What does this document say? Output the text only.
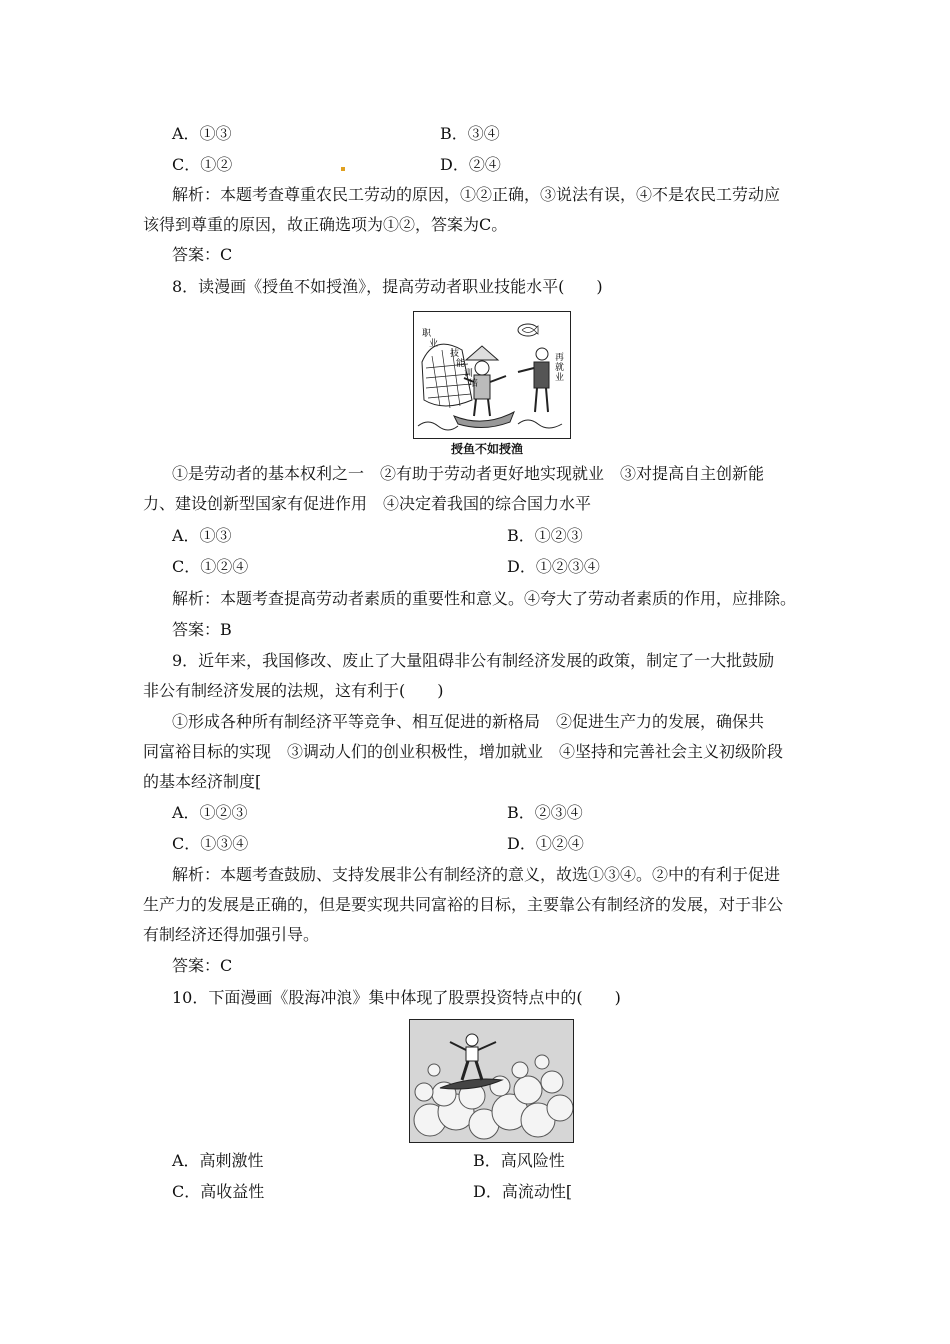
A．①③	B．③④
C．①②	D．②④
解析：本题考查尊重农民工劳动的原因，①②正确，③说法有误，④不是农民工劳动应
该得到尊重的原因，故正确选项为①②，答案为C。
答案：C
8．读漫画《授鱼不如授渔》，提高劳动者职业技能水平(　　)
职
业
技
能
训
培
再
就
业
授鱼不如授渔
①是劳动者的基本权利之一　②有助于劳动者更好地实现就业　③对提高自主创新能
力、建设创新型国家有促进作用　④决定着我国的综合国力水平
A．①③	B．①②③
C．①②④	D．①②③④
解析：本题考查提高劳动者素质的重要性和意义。④夸大了劳动者素质的作用，应排除。
答案：B
9．近年来，我国修改、废止了大量阻碍非公有制经济发展的政策，制定了一大批鼓励
非公有制经济发展的法规，这有利于(　　)
①形成各种所有制经济平等竞争、相互促进的新格局　②促进生产力的发展，确保共
同富裕目标的实现　③调动人们的创业积极性，增加就业　④坚持和完善社会主义初级阶段
的基本经济制度[
A．①②③	B．②③④
C．①③④	D．①②④
解析：本题考查鼓励、支持发展非公有制经济的意义，故选①③④。②中的有利于促进
生产力的发展是正确的，但是要实现共同富裕的目标，主要靠公有制经济的发展，对于非公
有制经济还得加强引导。
答案：C
10．下面漫画《股海冲浪》集中体现了股票投资特点中的(　　)
A．高刺激性	B．高风险性
C．高收益性	D．高流动性[
